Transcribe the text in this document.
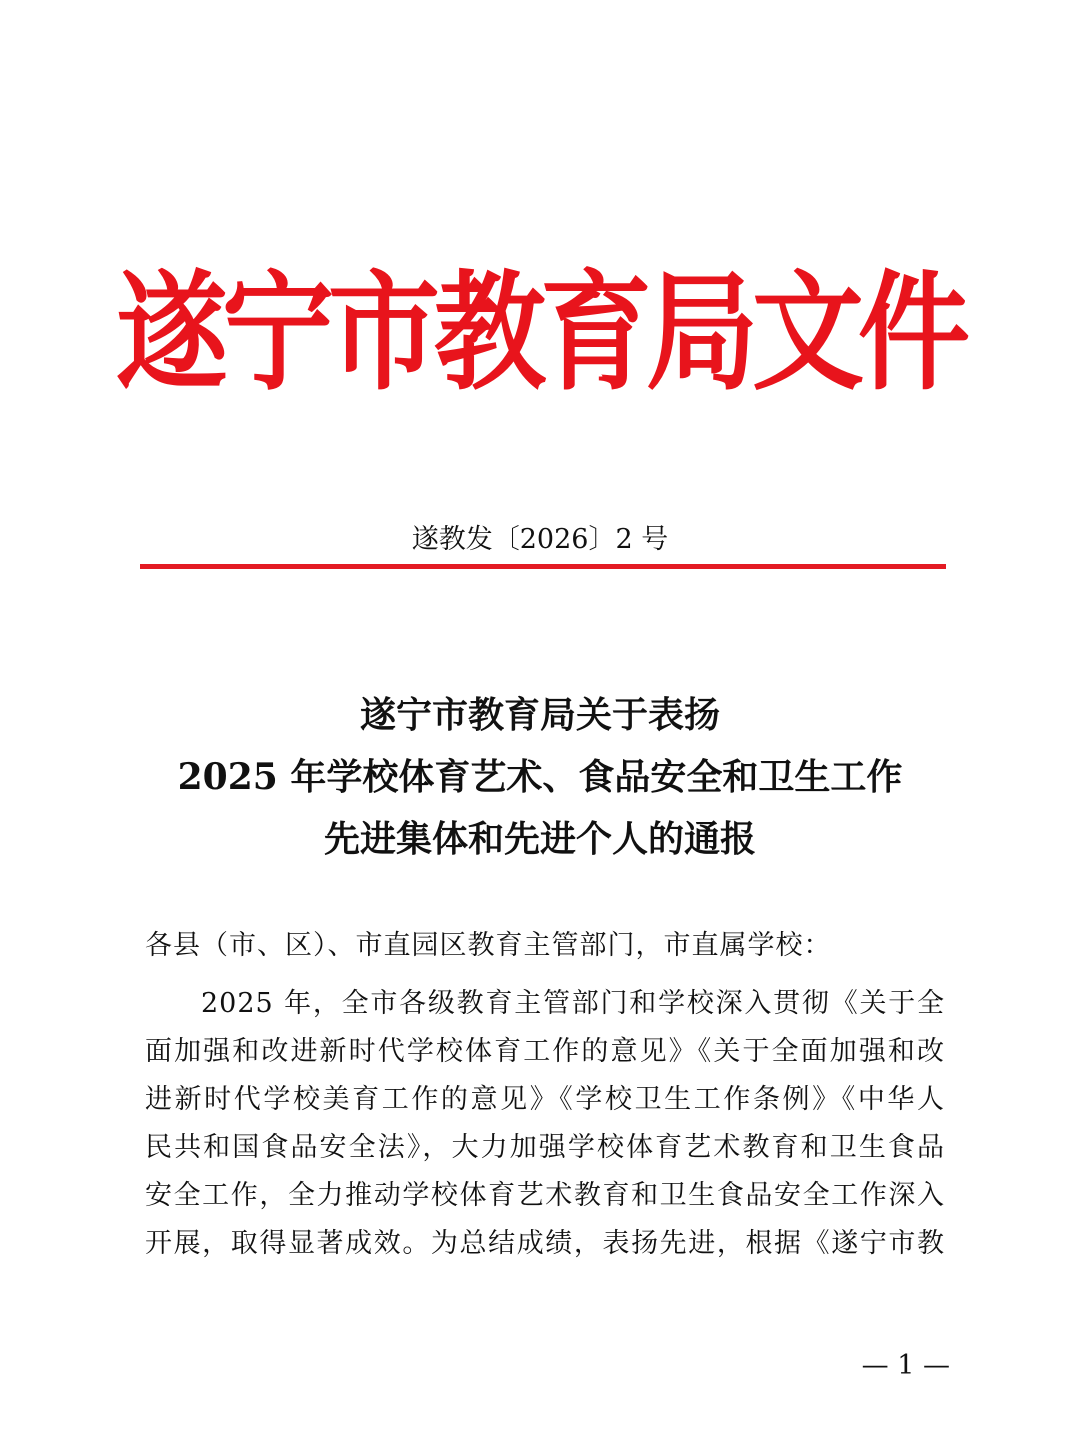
遂宁市教育局文件
遂教发〔2026〕2 号
遂宁市教育局关于表扬
2025 年学校体育艺术、食品安全和卫生工作
先进集体和先进个人的通报
各县（市、区）、市直园区教育主管部门，市直属学校：
2025 年，全市各级教育主管部门和学校深入贯彻《关于全
面加强和改进新时代学校体育工作的意见》《关于全面加强和改
进新时代学校美育工作的意见》《学校卫生工作条例》《中华人
民共和国食品安全法》，大力加强学校体育艺术教育和卫生食品
安全工作，全力推动学校体育艺术教育和卫生食品安全工作深入
开展，取得显著成效。为总结成绩，表扬先进，根据《遂宁市教
— 1 —
